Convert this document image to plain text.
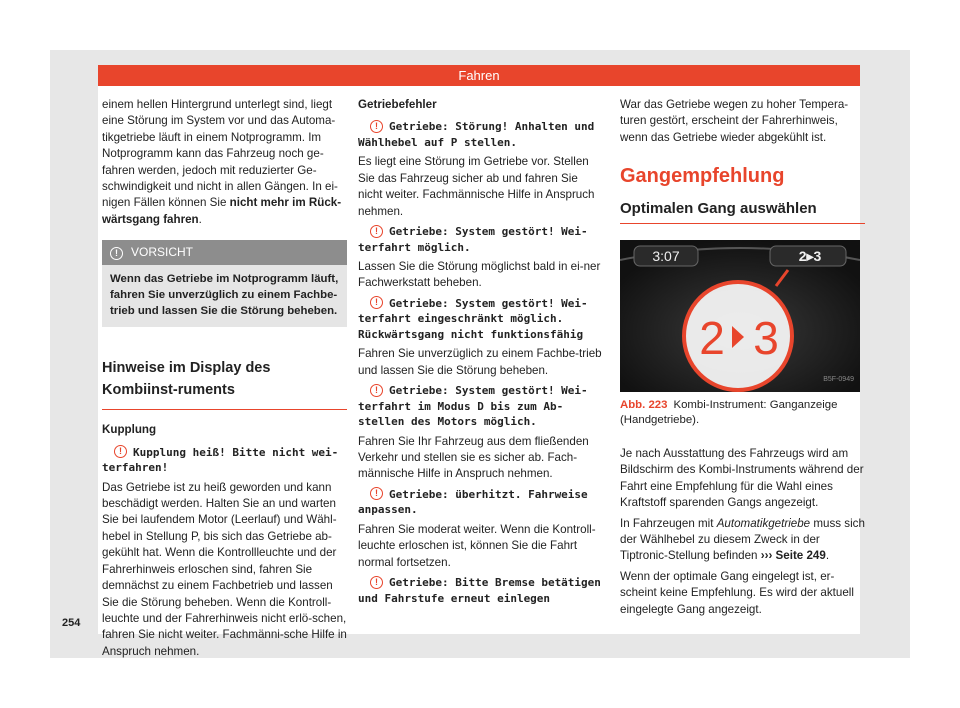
Fahren

einem hellen Hintergrund unterlegt sind, liegt eine Störung im System vor und das Automa-tikgetriebe läuft in einem Notprogramm. Im Notprogramm kann das Fahrzeug noch ge-fahren werden, jedoch mit reduzierter Ge-schwindigkeit und nicht in allen Gängen. In ei-nigen Fällen können Sie nicht mehr im Rück-wärtsgang fahren.

! VORSICHT
Wenn das Getriebe im Notprogramm läuft, fahren Sie unverzüglich zu einem Fachbe-trieb und lassen Sie die Störung beheben.
Hinweise im Display des Kombiinst-ruments

Kupplung

! Kupplung heiß! Bitte nicht wei-terfahren!

Das Getriebe ist zu heiß geworden und kann beschädigt werden. Halten Sie an und warten Sie bei laufendem Motor (Leerlauf) und Wähl-hebel in Stellung P, bis sich das Getriebe ab-gekühlt hat. Wenn die Kontrollleuchte und der Fahrerhinweis erloschen sind, fahren Sie demnächst zu einem Fachbetrieb und lassen Sie die Störung beheben. Wenn die Kontroll-leuchte und der Fahrerhinweis nicht erlö-schen, fahren Sie nicht weiter. Fachmänni-sche Hilfe in Anspruch nehmen.

Getriebefehler

! Getriebe: Störung! Anhalten und Wählhebel auf P stellen.

Es liegt eine Störung im Getriebe vor. Stellen Sie das Fahrzeug sicher ab und fahren Sie nicht weiter. Fachmännische Hilfe in Anspruch nehmen.

! Getriebe: System gestört! Wei-terfahrt möglich.

Lassen Sie die Störung möglichst bald in ei-ner Fachwerkstatt beheben.

! Getriebe: System gestört! Wei-terfahrt eingeschränkt möglich. Rückwärtsgang nicht funktionsfähig

Fahren Sie unverzüglich zu einem Fachbe-trieb und lassen Sie die Störung beheben.

! Getriebe: System gestört! Wei-terfahrt im Modus D bis zum Ab-stellen des Motors möglich.

Fahren Sie Ihr Fahrzeug aus dem fließenden Verkehr und stellen sie es sicher ab. Fach-männische Hilfe in Anspruch nehmen.

! Getriebe: überhitzt. Fahrweise anpassen.

Fahren Sie moderat weiter. Wenn die Kontroll-leuchte erloschen ist, können Sie die Fahrt normal fortsetzen.

! Getriebe: Bitte Bremse betätigen und Fahrstufe erneut einlegen

War das Getriebe wegen zu hoher Tempera-turen gestört, erscheint der Fahrerhinweis, wenn das Getriebe wieder abgekühlt ist.

Gangempfehlung
Optimalen Gang auswählen
3:07	2▸3
2 3
B5F-0949

Abb. 223 Kombi-Instrument: Ganganzeige (Handgetriebe).

Je nach Ausstattung des Fahrzeugs wird am Bildschirm des Kombi-Instruments während der Fahrt eine Empfehlung für die Wahl eines Kraftstoff sparenden Gangs angezeigt.

In Fahrzeugen mit Automatikgetriebe muss sich der Wählhebel zu diesem Zweck in der Tiptronic-Stellung befinden ››› Seite 249.

Wenn der optimale Gang eingelegt ist, er-scheint keine Empfehlung. Es wird der aktuell eingelegte Gang angezeigt.

254
